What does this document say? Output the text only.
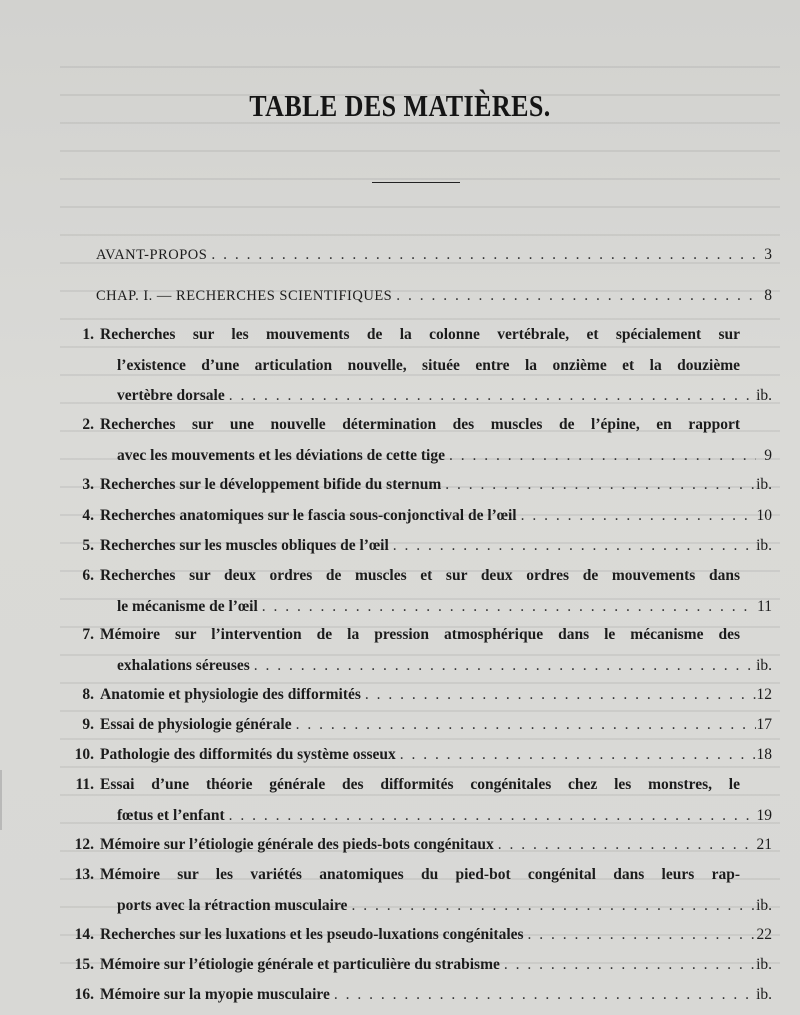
TABLE DES MATIÈRES.
AVANT-PROPOS . . .	3
CHAP. I. — RECHERCHES SCIENTIFIQUES . . .	8
1. Recherches sur les mouvements de la colonne vertébrale, et spécialement sur
l’existence d’une articulation nouvelle, située entre la onzième et la douzième
vertèbre dorsale . . .	ib.
2. Recherches sur une nouvelle détermination des muscles de l’épine, en rapport
avec les mouvements et les déviations de cette tige . . .	9
3. Recherches sur le développement bifide du sternum . . .	ib.
4. Recherches anatomiques sur le fascia sous-conjonctival de l’œil . . .	10
5. Recherches sur les muscles obliques de l’œil . . .	ib.
6. Recherches sur deux ordres de muscles et sur deux ordres de mouvements dans
le mécanisme de l’œil . . .	11
7. Mémoire sur l’intervention de la pression atmosphérique dans le mécanisme des
exhalations séreuses . . .	ib.
8. Anatomie et physiologie des difformités . . .	12
9. Essai de physiologie générale . . .	17
10. Pathologie des difformités du système osseux . . .	18
11. Essai d’une théorie générale des difformités congénitales chez les monstres, le
fœtus et l’enfant . . .	19
12. Mémoire sur l’étiologie générale des pieds-bots congénitaux . . .	21
13. Mémoire sur les variétés anatomiques du pied-bot congénital dans leurs rap-
ports avec la rétraction musculaire . . .	ib.
14. Recherches sur les luxations et les pseudo-luxations congénitales . . .	22
15. Mémoire sur l’étiologie générale et particulière du strabisme . . .	ib.
16. Mémoire sur la myopie musculaire . . .	ib.
